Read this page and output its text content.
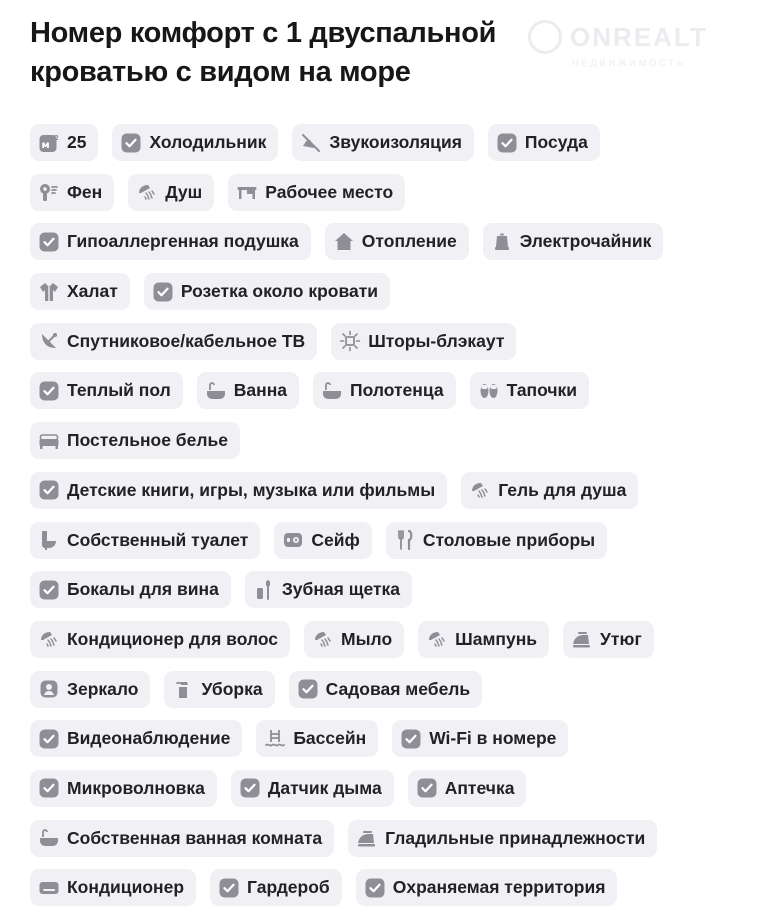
Номер комфорт с 1 двуспальной кроватью с видом на море
ONREALT
НЕДВИЖИМОСТЬ
м
2 25	Холодильник	Звукоизоляция	Посуда
Фен	Душ	Рабочее место
Гипоаллергенная подушка	Отопление	Электрочайник
Халат	Розетка около кровати
Спутниковое/кабельное ТВ	Шторы-блэкаут
Теплый пол	Ванна	Полотенца	Тапочки
Постельное белье
Детские книги, игры, музыка или фильмы	Гель для душа
Собственный туалет	Сейф	Столовые приборы
Бокалы для вина	Зубная щетка
Кондиционер для волос	Мыло	Шампунь	Утюг
Зеркало	Уборка	Садовая мебель
Видеонаблюдение	Бассейн	Wi-Fi в номере
Микроволновка	Датчик дыма	Аптечка
Собственная ванная комната	Гладильные принадлежности
Кондиционер	Гардероб	Охраняемая территория
